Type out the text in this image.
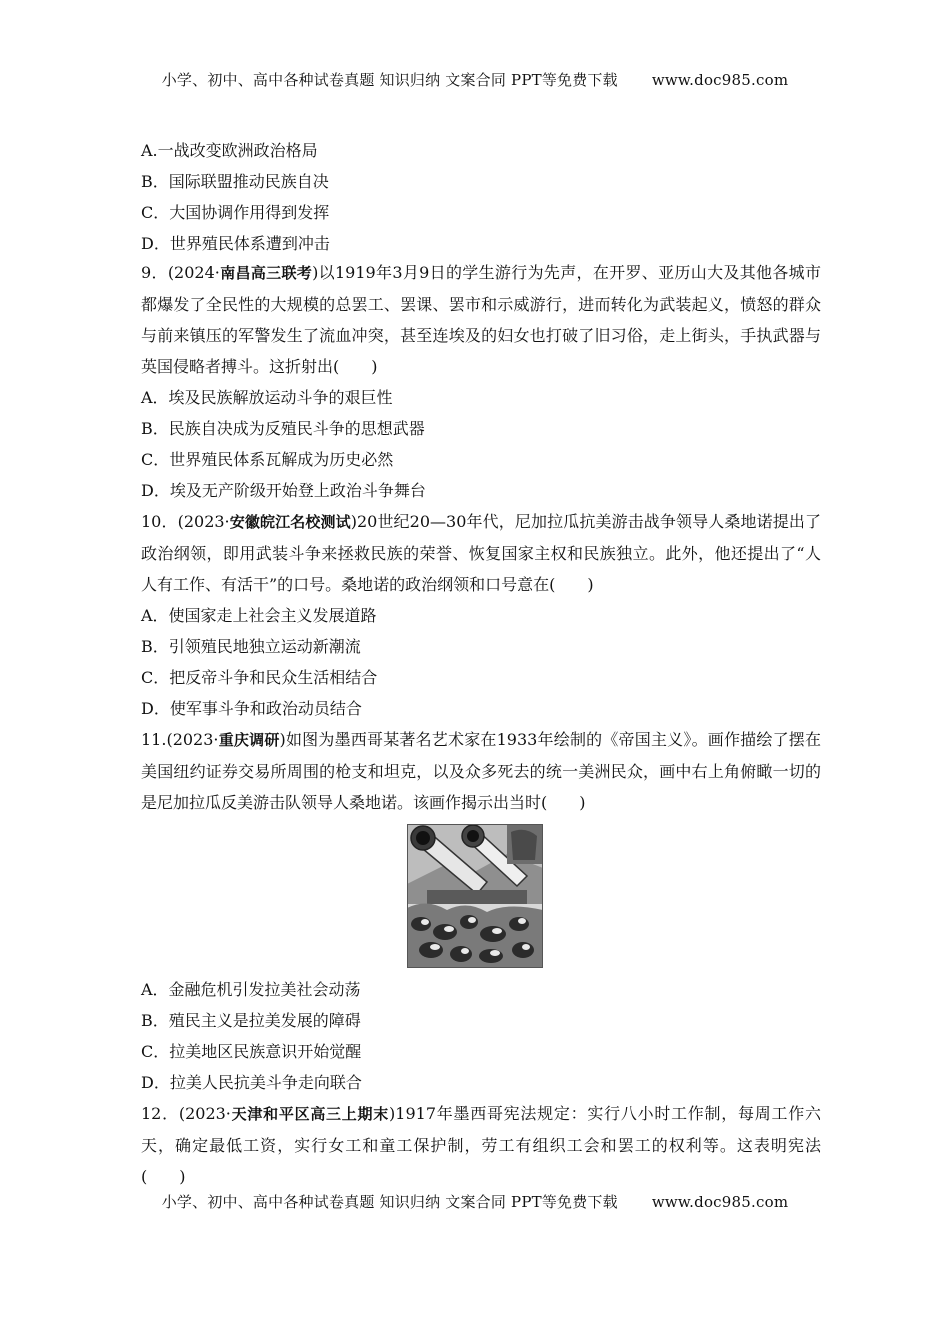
小学、初中、高中各种试卷真题 知识归纳 文案合同 PPT等免费下载 www.doc985.com

A.一战改变欧洲政治格局

B．国际联盟推动民族自决

C．大国协调作用得到发挥

D．世界殖民体系遭到冲击

9．(2024·南昌高三联考)以1919年3月9日的学生游行为先声，在开罗、亚历山大及其他各城市都爆发了全民性的大规模的总罢工、罢课、罢市和示威游行，进而转化为武装起义，愤怒的群众与前来镇压的军警发生了流血冲突，甚至连埃及的妇女也打破了旧习俗，走上街头，手执武器与英国侵略者搏斗。这折射出(　　)

A．埃及民族解放运动斗争的艰巨性

B．民族自决成为反殖民斗争的思想武器

C．世界殖民体系瓦解成为历史必然

D．埃及无产阶级开始登上政治斗争舞台

10．(2023·安徽皖江名校测试)20世纪20—30年代，尼加拉瓜抗美游击战争领导人桑地诺提出了政治纲领，即用武装斗争来拯救民族的荣誉、恢复国家主权和民族独立。此外，他还提出了“人人有工作、有活干”的口号。桑地诺的政治纲领和口号意在(　　)

A．使国家走上社会主义发展道路

B．引领殖民地独立运动新潮流

C．把反帝斗争和民众生活相结合

D．使军事斗争和政治动员结合

11.(2023·重庆调研)如图为墨西哥某著名艺术家在1933年绘制的《帝国主义》。画作描绘了摆在美国纽约证券交易所周围的枪支和坦克，以及众多死去的统一美洲民众，画中右上角俯瞰一切的是尼加拉瓜反美游击队领导人桑地诺。该画作揭示出当时(　　)

A．金融危机引发拉美社会动荡

B．殖民主义是拉美发展的障碍

C．拉美地区民族意识开始觉醒

D．拉美人民抗美斗争走向联合

12．(2023·天津和平区高三上期末)1917年墨西哥宪法规定：实行八小时工作制，每周工作六天，确定最低工资，实行女工和童工保护制，劳工有组织工会和罢工的权利等。这表明宪法(　　)

小学、初中、高中各种试卷真题 知识归纳 文案合同 PPT等免费下载 www.doc985.com
